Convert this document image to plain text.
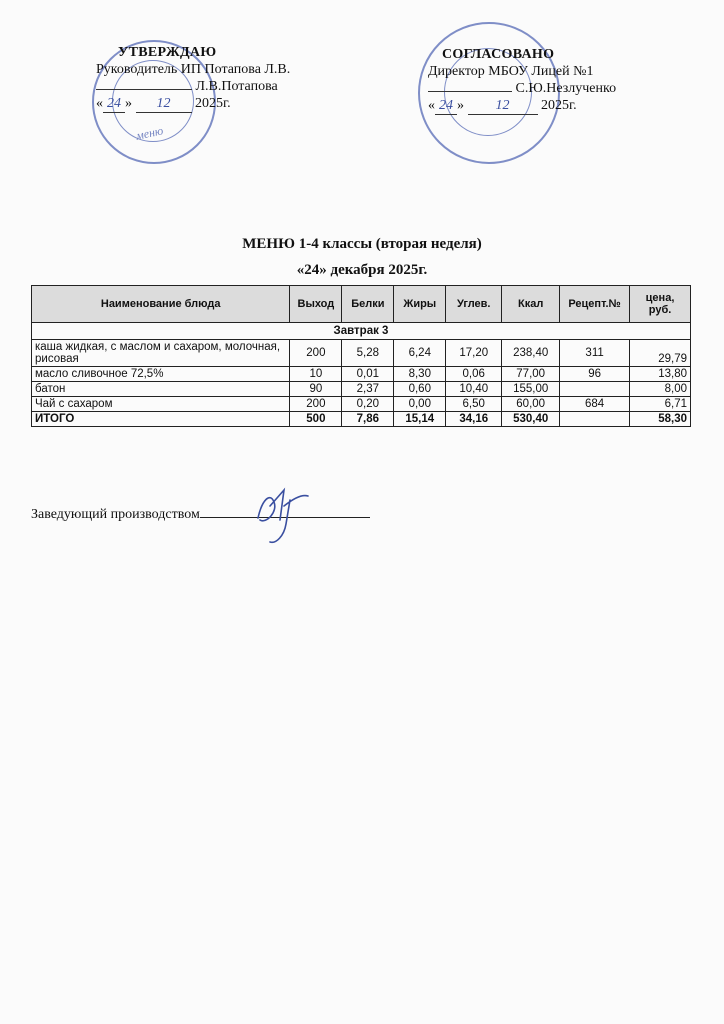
меню
УТВЕРЖДАЮ
Руководитель ИП Потапова Л.В.
Л.В.Потапова
« 24 » 12 2025г.
СОГЛАСОВАНО
Директор МБОУ Лицей №1
С.Ю.Незлученко
« 24 » 12 2025г.
МЕНЮ 1-4 классы (вторая неделя)
«24» декабря 2025г.
Наименование блюда	Выход	Белки	Жиры	Углев.	Ккал	Рецепт.№	цена, руб.
Завтрак 3							
каша жидкая, с маслом и сахаром, молочная, рисовая	200	5,28	6,24	17,20	238,40	311	29,79
масло сливочное 72,5%	10	0,01	8,30	0,06	77,00	96	13,80
батон	90	2,37	0,60	10,40	155,00		8,00
Чай с сахаром	200	0,20	0,00	6,50	60,00	684	6,71
ИТОГО	500	7,86	15,14	34,16	530,40		58,30
Заведующий производством
